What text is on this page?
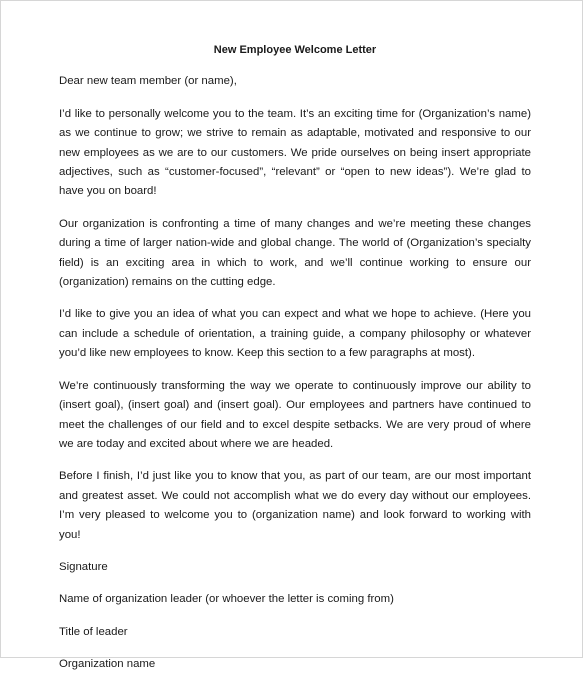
New Employee Welcome Letter
Dear new team member (or name),

I’d like to personally welcome you to the team. It’s an exciting time for (Organization’s name) as we continue to grow; we strive to remain as adaptable, motivated and responsive to our new employees as we are to our customers. We pride ourselves on being insert appropriate adjectives, such as “customer-focused”, “relevant” or “open to new ideas”). We’re glad to have you on board!

Our organization is confronting a time of many changes and we’re meeting these changes during a time of larger nation-wide and global change. The world of (Organization’s specialty field) is an exciting area in which to work, and we’ll continue working to ensure our (organization) remains on the cutting edge.

I’d like to give you an idea of what you can expect and what we hope to achieve. (Here you can include a schedule of orientation, a training guide, a company philosophy or whatever you’d like new employees to know. Keep this section to a few paragraphs at most).

We’re continuously transforming the way we operate to continuously improve our ability to (insert goal), (insert goal) and (insert goal). Our employees and partners have continued to meet the challenges of our field and to excel despite setbacks. We are very proud of where we are today and excited about where we are headed.

Before I finish, I’d just like you to know that you, as part of our team, are our most important and greatest asset. We could not accomplish what we do every day without our employees. I’m very pleased to welcome you to (organization name) and look forward to working with you!

Signature
Name of organization leader (or whoever the letter is coming from)
Title of leader
Organization name
